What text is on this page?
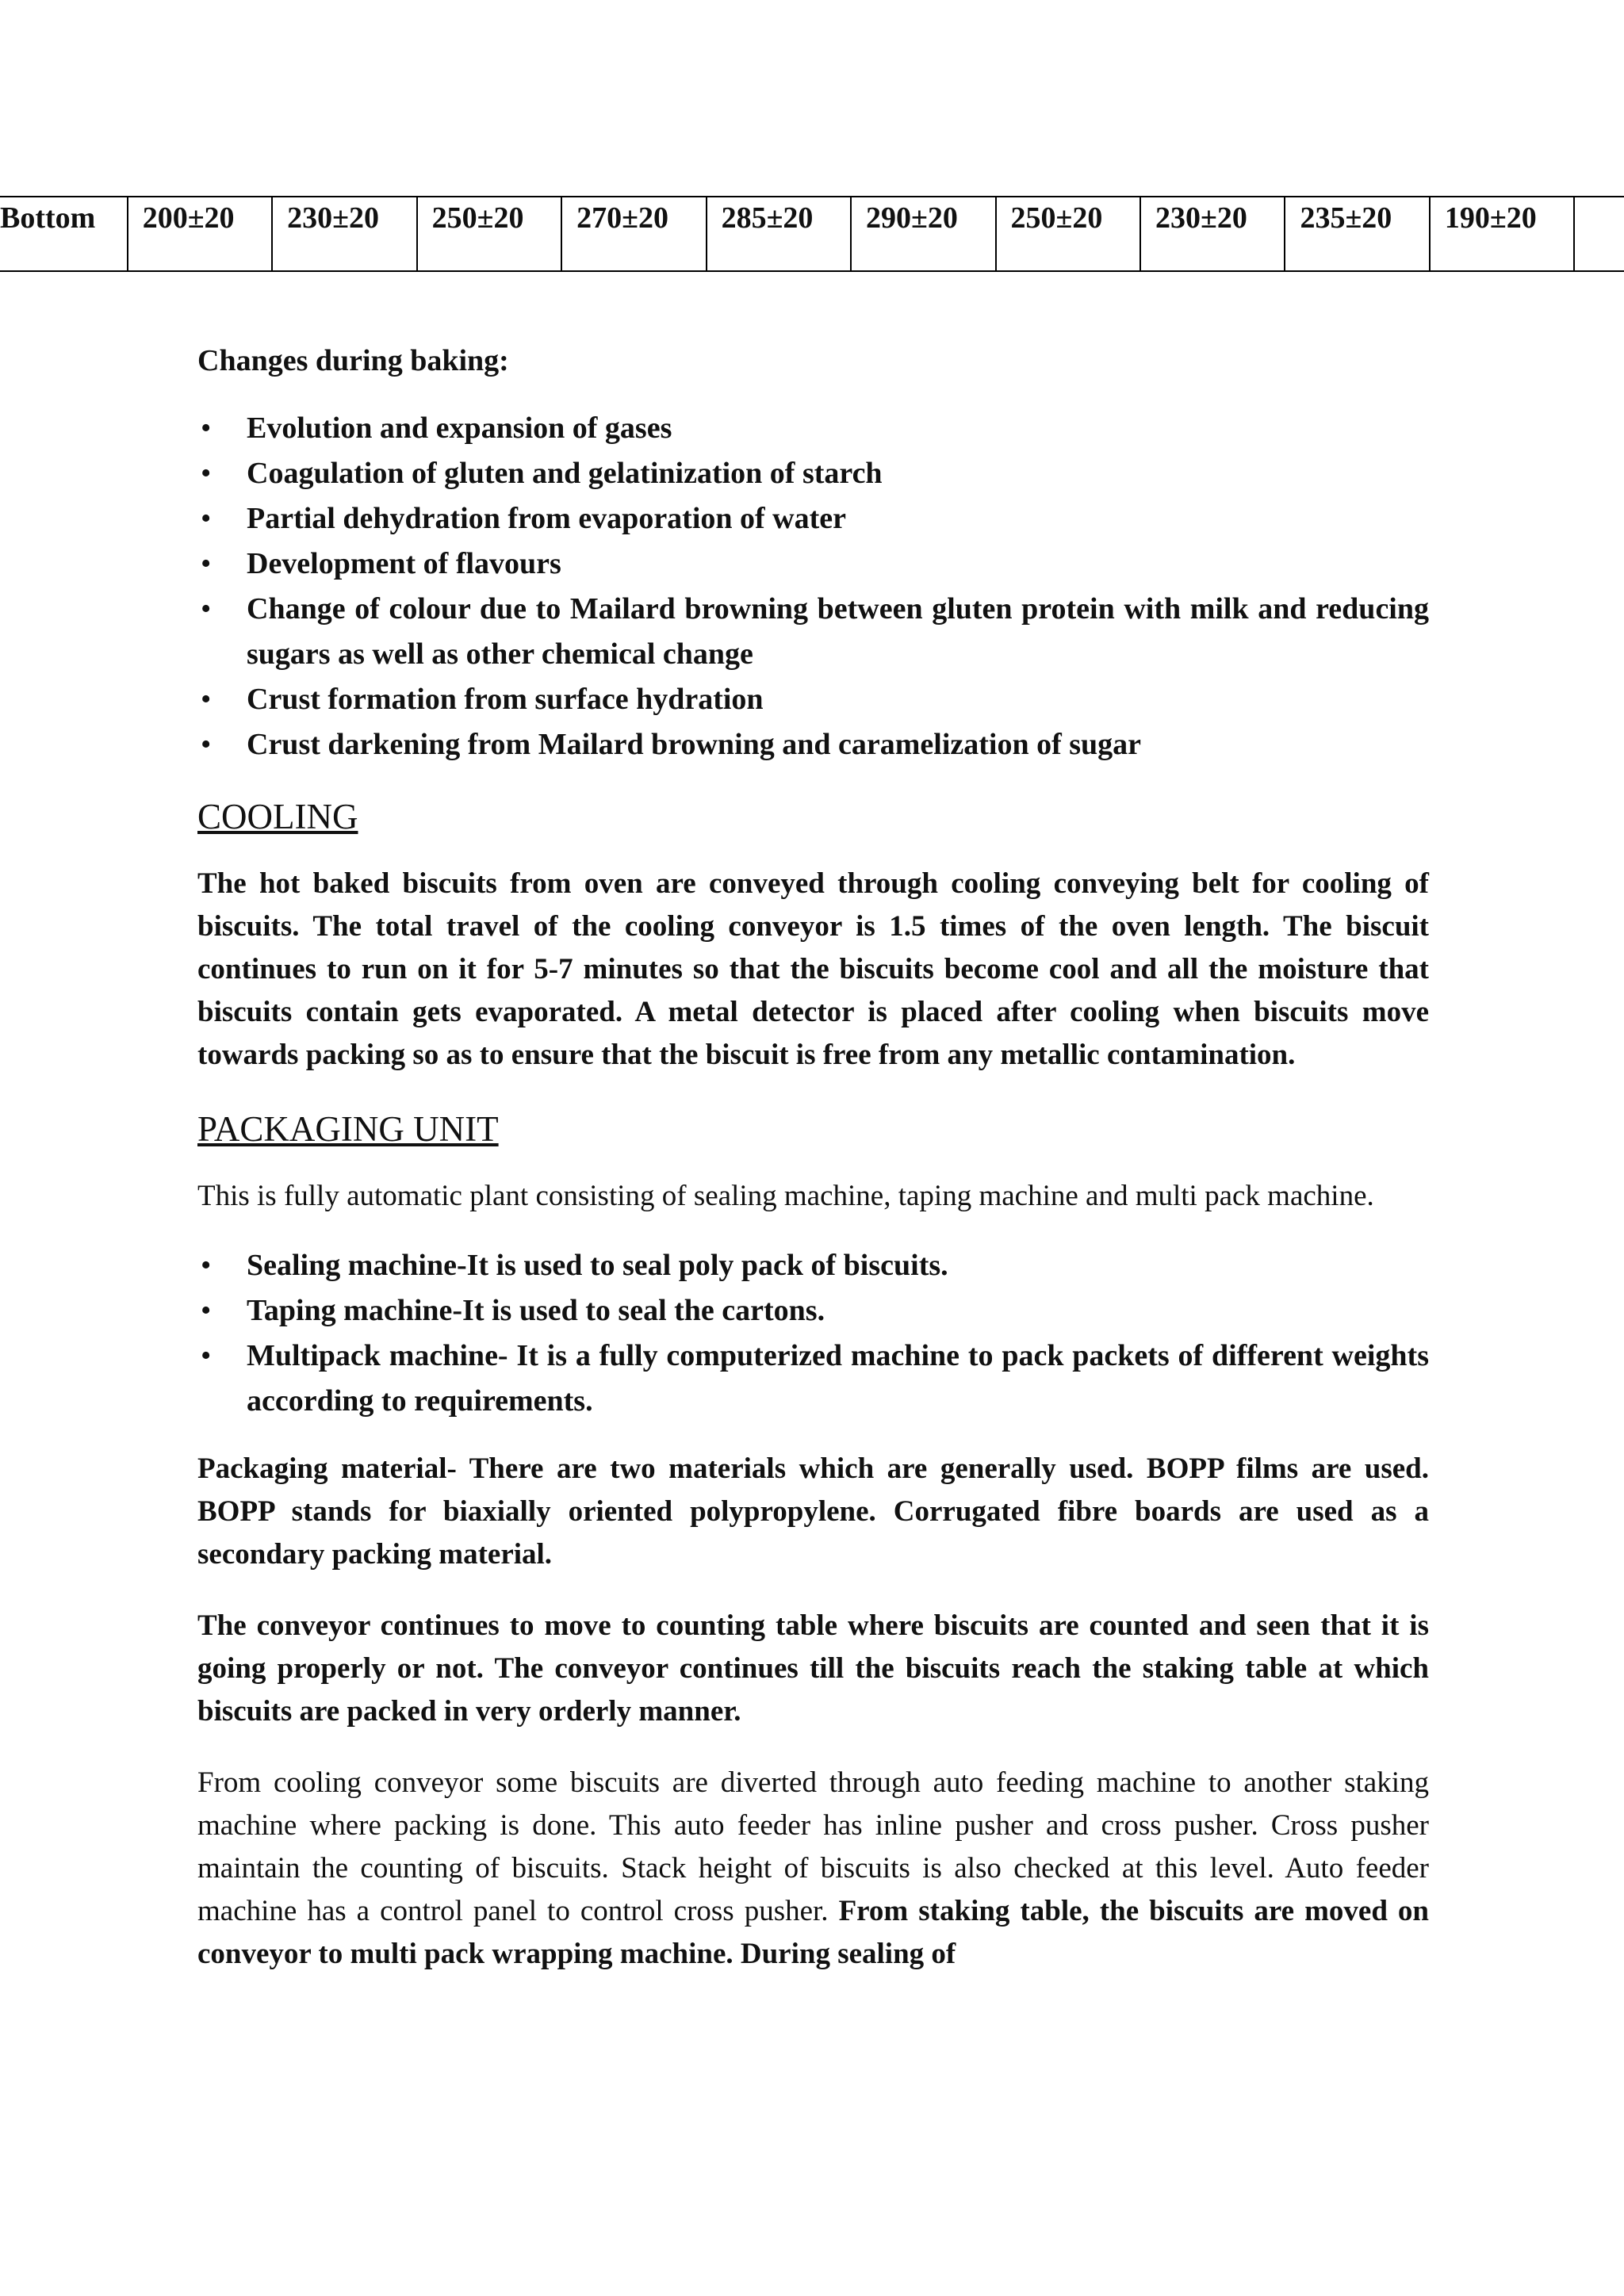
Bottom	200±20	230±20	250±20	270±20	285±20	290±20	250±20	230±20	235±20	190±20	
Changes during baking:
• Evolution and expansion of gases
• Coagulation of gluten and gelatinization of starch
• Partial dehydration from evaporation of water
• Development of flavours
• Change of colour due to Mailard browning between gluten protein with milk and reducing sugars as well as other chemical change
• Crust formation from surface hydration
• Crust darkening from Mailard browning and caramelization of sugar
COOLING

The hot baked biscuits from oven are conveyed through cooling conveying belt for cooling of biscuits. The total travel of the cooling conveyor is 1.5 times of the oven length. The biscuit continues to run on it for 5-7 minutes so that the biscuits become cool and all the moisture that biscuits contain gets evaporated. A metal detector is placed after cooling when biscuits move towards packing so as to ensure that the biscuit is free from any metallic contamination.

PACKAGING UNIT

This is fully automatic plant consisting of sealing machine, taping machine and multi pack machine.

• Sealing machine-It is used to seal poly pack of biscuits.
• Taping machine-It is used to seal the cartons.
• Multipack machine- It is a fully computerized machine to pack packets of different weights according to requirements.

Packaging material- There are two materials which are generally used. BOPP films are used. BOPP stands for biaxially oriented polypropylene. Corrugated fibre boards are used as a secondary packing material.

The conveyor continues to move to counting table where biscuits are counted and seen that it is going properly or not. The conveyor continues till the biscuits reach the staking table at which biscuits are packed in very orderly manner.

From cooling conveyor some biscuits are diverted through auto feeding machine to another staking machine where packing is done. This auto feeder has inline pusher and cross pusher. Cross pusher maintain the counting of biscuits. Stack height of biscuits is also checked at this level. Auto feeder machine has a control panel to control cross pusher. From staking table, the biscuits are moved on conveyor to multi pack wrapping machine. During sealing of
